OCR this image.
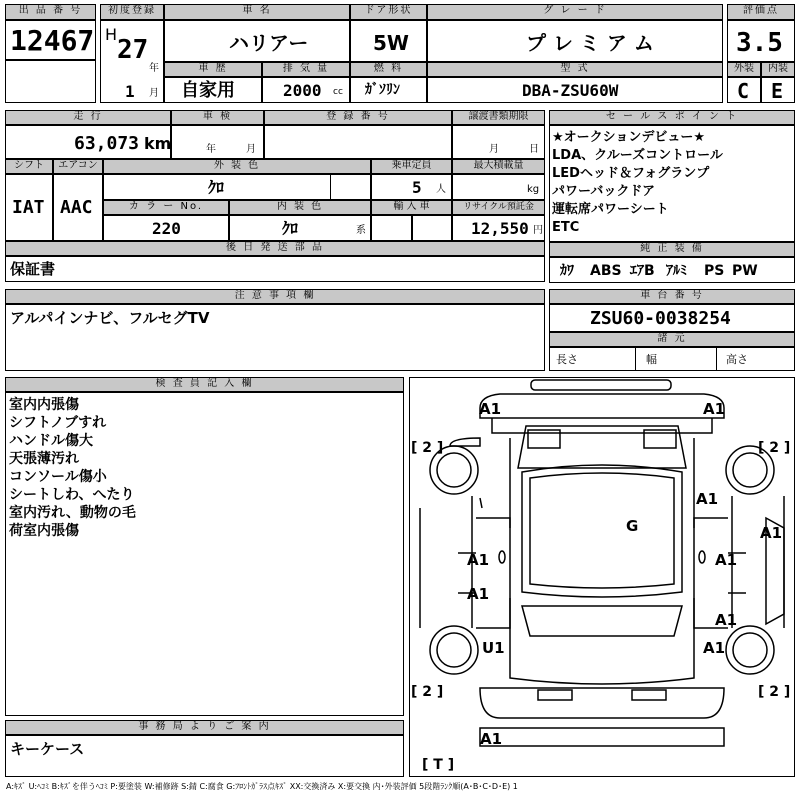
出 品 番 号
12467
初度登録
H
27
年
1 月
車 名
ハリアー
ドア形状
5W
グ レ ー ド
プ レ ミ ア ム
車 歴
自家用
排 気 量
2000 cc
燃 料
ｶﾞｿﾘﾝ
型 式
DBA-ZSU60W
評価点
3.5
外装	内装
C E
走 行
63,073 km
車 検
年	月
登 録 番 号	譲渡書類期限
月	日
シフト
IAT
エアコン
AAC
外 装 色
ｸﾛ
乗車定員
5 人
最大積載量
kg
カ ラ ー No.
220
内 装 色
ｸﾛ	系
輸 入 車	リサイクル預託金
12,550 円
後 日 発 送 部 品
保証書
セ ー ル ス ポ イ ン ト
★オークションデビュー★
LDA、クルーズコントロール
LEDヘッド＆フォグランプ
パワーバックドア
運転席パワーシート
ETC
純 正 装 備
ｶﾜ ABS ｴｱB ｱﾙﾐ PS PW
注 意 事 項 欄
アルパインナビ、フルセグTV
車 台 番 号
ZSU60-0038254
諸 元
長さ	幅	高さ
検 査 員 記 入 欄
室内内張傷
シフトノブすれ
ハンドル傷大
天張薄汚れ
コンソール傷小
シートしわ、へたり
室内汚れ、動物の毛
荷室内張傷
事 務 局 よ り ご 案 内
キーケース
A1	A1
A1
A1
A1	A1
A1
A1
A1
U1
A1
G
[ 2 ]	[ 2 ]
[ 2 ]	[ 2 ]
[ T ]
A:ｷｽﾞ U:ﾍｺﾐ B:ｷｽﾞを伴うﾍｺﾐ P:要塗装 W:補修跡 S:錆 C:腐食 G:ﾌﾛﾝﾄｶﾞﾗｽ点ｷｽﾞ XX:交換済み X:要交換 内･外装評価 5段階ﾗﾝｸ順(A･B･C･D･E) 1
